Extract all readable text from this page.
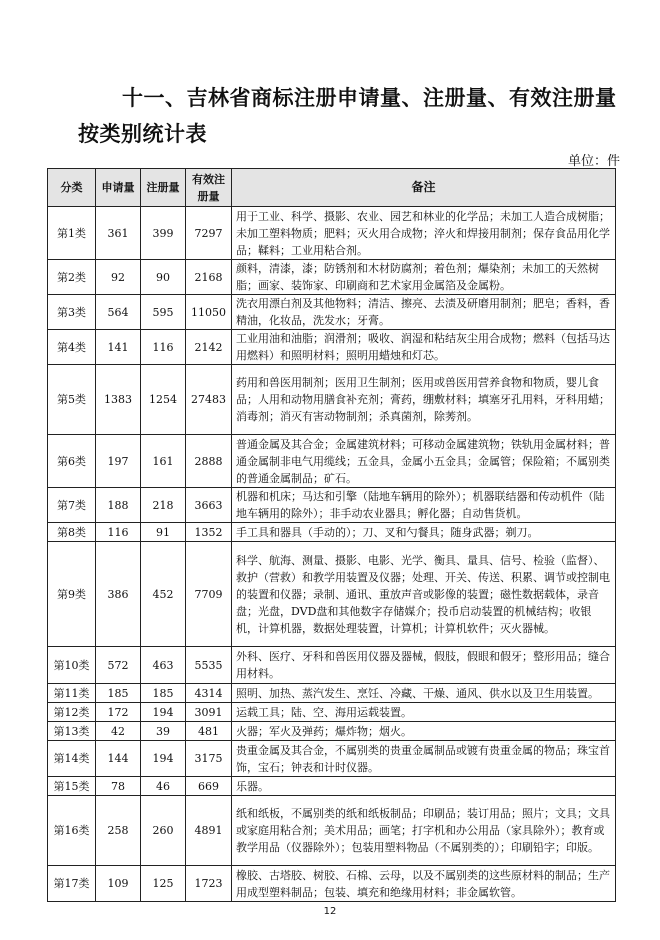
十一、吉林省商标注册申请量、注册量、有效注册量按类别统计表
单位：件
分类	申请量	注册量	有效注册量	备注
第1类	361	399	7297	用于工业、科学、摄影、农业、园艺和林业的化学品；未加工人造合成树脂；未加工塑料物质；肥料；灭火用合成物；淬火和焊接用制剂；保存食品用化学品；鞣料；工业用粘合剂。
第2类	92	90	2168	颜料，清漆，漆；防锈剂和木材防腐剂；着色剂；爆染剂；未加工的天然树脂；画家、装饰家、印刷商和艺术家用金属箔及金属粉。
第3类	564	595	11050	洗衣用漂白剂及其他物料；清洁、擦亮、去渍及研磨用制剂；肥皂；香料，香精油，化妆品，洗发水；牙膏。
第4类	141	116	2142	工业用油和油脂；润滑剂；吸收、润湿和粘结灰尘用合成物；燃料（包括马达用燃料）和照明材料；照明用蜡烛和灯芯。
第5类	1383	1254	27483	药用和兽医用制剂；医用卫生制剂；医用或兽医用营养食物和物质，婴儿食品；人用和动物用膳食补充剂；膏药，绷敷材料；填塞牙孔用料，牙科用蜡；消毒剂；消灭有害动物制剂；杀真菌剂，除莠剂。
第6类	197	161	2888	普通金属及其合金；金属建筑材料；可移动金属建筑物；铁轨用金属材料；普通金属制非电气用缆线；五金具，金属小五金具；金属管；保险箱；不属别类的普通金属制品；矿石。
第7类	188	218	3663	机器和机床；马达和引擎（陆地车辆用的除外）；机器联结器和传动机件（陆地车辆用的除外）；非手动农业器具；孵化器；自动售货机。
第8类	116	91	1352	手工具和器具（手动的）；刀、叉和勺餐具；随身武器；剃刀。
第9类	386	452	7709	科学、航海、测量、摄影、电影、光学、衡具、量具、信号、检验（监督）、救护（营救）和教学用装置及仪器；处理、开关、传送、积累、调节或控制电的装置和仪器；录制、通讯、重放声音或影像的装置；磁性数据载体，录音盘；光盘，DVD盘和其他数字存储媒介；投币启动装置的机械结构；收银机，计算机器，数据处理装置，计算机；计算机软件；灭火器械。
第10类	572	463	5535	外科、医疗、牙科和兽医用仪器及器械，假肢，假眼和假牙；整形用品；缝合用材料。
第11类	185	185	4314	照明、加热、蒸汽发生、烹饪、冷藏、干燥、通风、供水以及卫生用装置。
第12类	172	194	3091	运载工具；陆、空、海用运载装置。
第13类	42	39	481	火器；军火及弹药；爆炸物；烟火。
第14类	144	194	3175	贵重金属及其合金，不属别类的贵重金属制品或镀有贵重金属的物品；珠宝首饰，宝石；钟表和计时仪器。
第15类	78	46	669	乐器。
第16类	258	260	4891	纸和纸板，不属别类的纸和纸板制品；印刷品；装订用品；照片；文具；文具或家庭用粘合剂；美术用品；画笔；打字机和办公用品（家具除外）；教育或教学用品（仪器除外）；包装用塑料物品（不属别类的）；印刷铅字；印版。
第17类	109	125	1723	橡胶、古塔胶、树胶、石棉、云母，以及不属别类的这些原材料的制品；生产用成型塑料制品；包装、填充和绝缘用材料；非金属软管。
12
